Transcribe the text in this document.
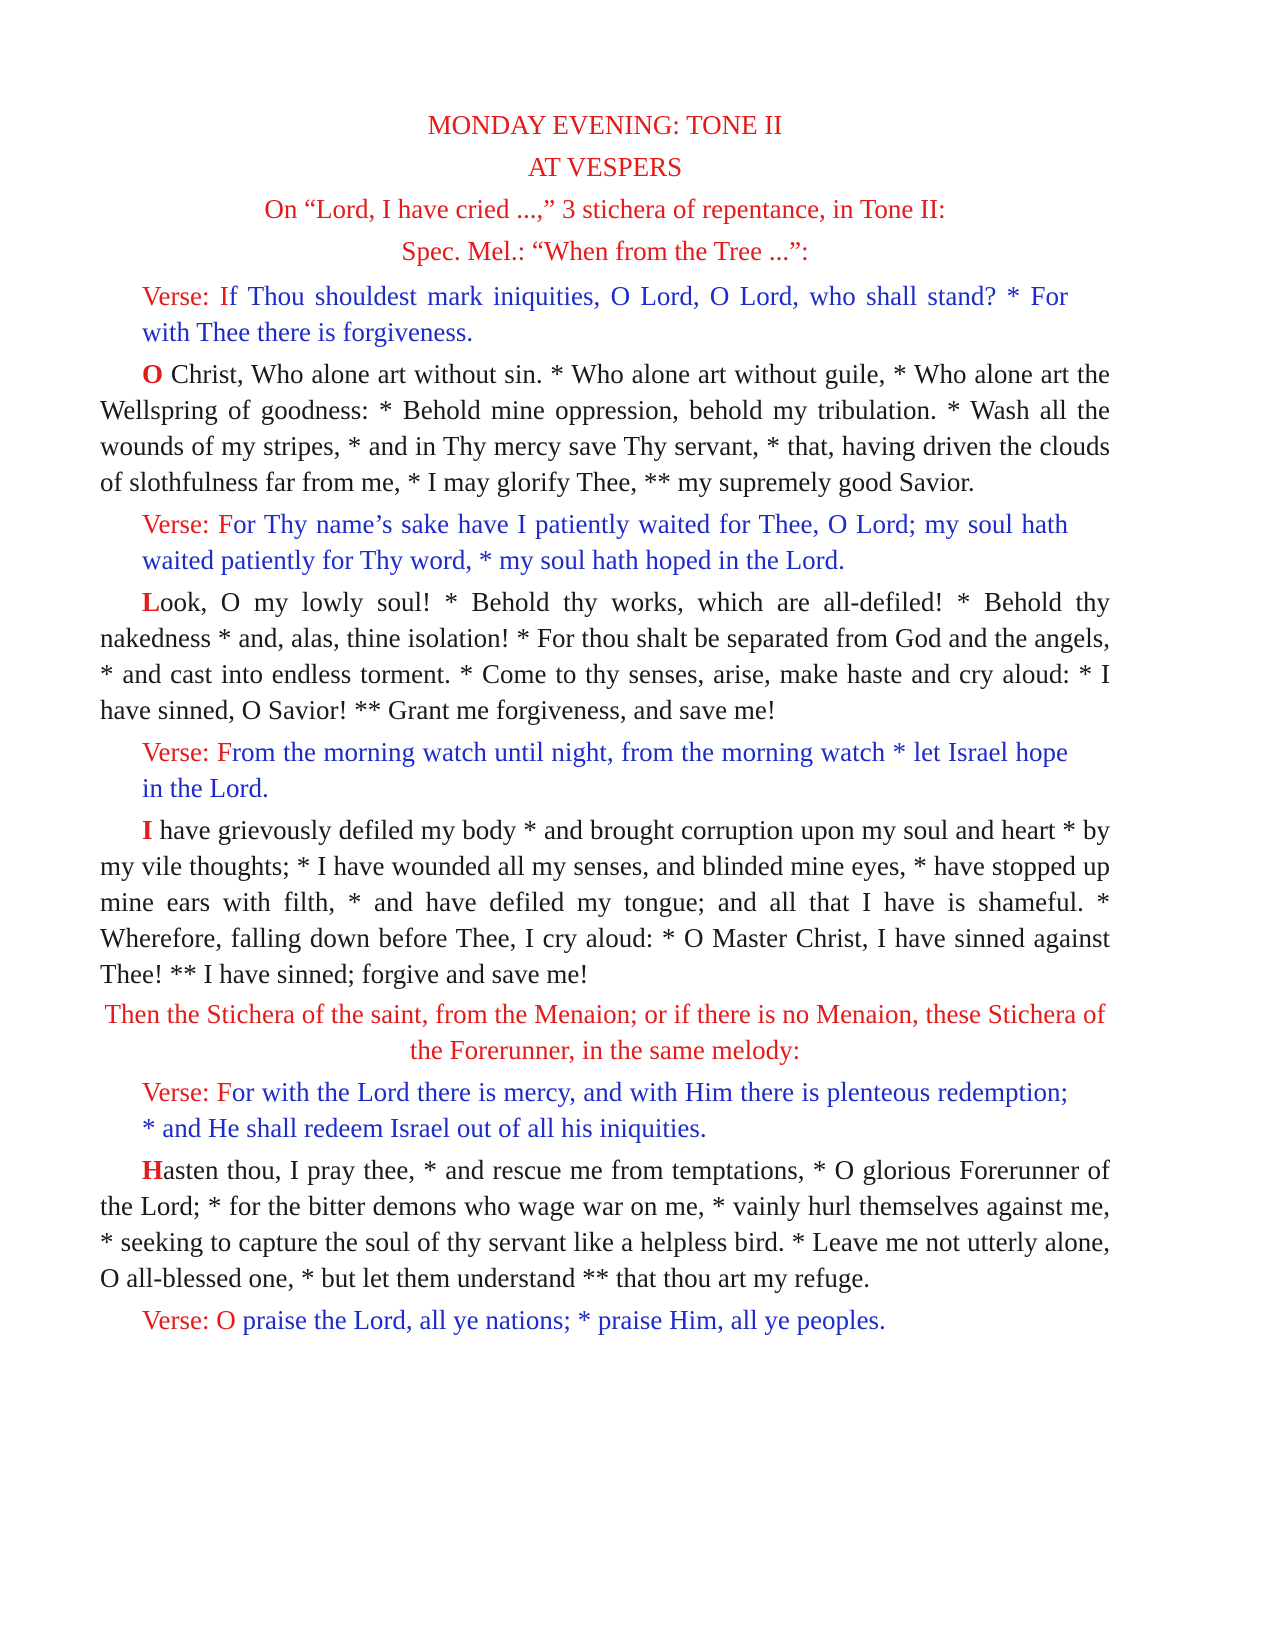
MONDAY EVENING: TONE II

AT VESPERS

On “Lord, I have cried ...,” 3 stichera of repentance, in Tone II:

Spec. Mel.: “When from the Tree ...”:

Verse: If Thou shouldest mark iniquities, O Lord, O Lord, who shall stand? * For with Thee there is forgiveness.

O Christ, Who alone art without sin. * Who alone art without guile, * Who alone art the Wellspring of goodness: * Behold mine oppression, behold my tribulation. * Wash all the wounds of my stripes, * and in Thy mercy save Thy servant, * that, having driven the clouds of slothfulness far from me, * I may glorify Thee, ** my supremely good Savior.

Verse: For Thy name’s sake have I patiently waited for Thee, O Lord; my soul hath waited patiently for Thy word, * my soul hath hoped in the Lord.

Look, O my lowly soul! * Behold thy works, which are all-defiled! * Behold thy nakedness * and, alas, thine isolation! * For thou shalt be separated from God and the angels, * and cast into endless torment. * Come to thy senses, arise, make haste and cry aloud: * I have sinned, O Savior! ** Grant me forgiveness, and save me!

Verse: From the morning watch until night, from the morning watch * let Israel hope in the Lord.

I have grievously defiled my body * and brought corruption upon my soul and heart * by my vile thoughts; * I have wounded all my senses, and blinded mine eyes, * have stopped up mine ears with filth, * and have defiled my tongue; and all that I have is shameful. * Wherefore, falling down before Thee, I cry aloud: * O Master Christ, I have sinned against Thee! ** I have sinned; forgive and save me!

Then the Stichera of the saint, from the Menaion; or if there is no Menaion, these Stichera of the Forerunner, in the same melody:

Verse: For with the Lord there is mercy, and with Him there is plenteous redemption; * and He shall redeem Israel out of all his iniquities.

Hasten thou, I pray thee, * and rescue me from temptations, * O glorious Forerunner of the Lord; * for the bitter demons who wage war on me, * vainly hurl themselves against me, * seeking to capture the soul of thy servant like a helpless bird. * Leave me not utterly alone, O all-blessed one, * but let them understand ** that thou art my refuge.

Verse: O praise the Lord, all ye nations; * praise Him, all ye peoples.
